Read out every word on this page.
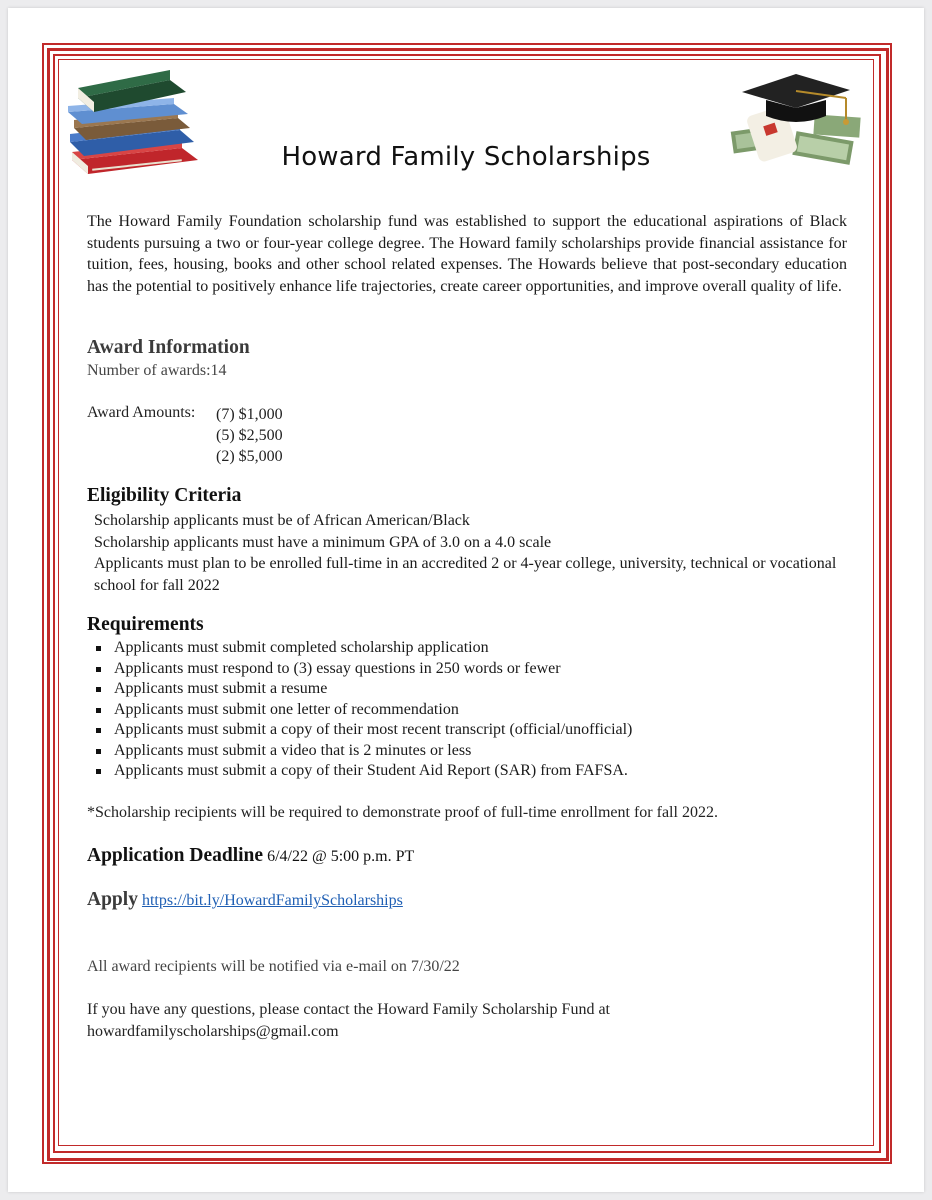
Howard Family Scholarships

The Howard Family Foundation scholarship fund was established to support the educational aspirations of Black students pursuing a two or four-year college degree. The Howard family scholarships provide financial assistance for tuition, fees, housing, books and other school related expenses. The Howards believe that post-secondary education has the potential to positively enhance life trajectories, create career opportunities, and improve overall quality of life.

Award Information
Number of awards:14
Award Amounts: (7) $1,000
(5) $2,500
(2) $5,000
Eligibility Criteria
Scholarship applicants must be of African American/Black
Scholarship applicants must have a minimum GPA of 3.0 on a 4.0 scale
Applicants must plan to be enrolled full-time in an accredited 2 or 4-year college, university, technical or vocational school for fall 2022
Requirements
Applicants must submit completed scholarship application
Applicants must respond to (3) essay questions in 250 words or fewer
Applicants must submit a resume
Applicants must submit one letter of recommendation
Applicants must submit a copy of their most recent transcript (official/unofficial)
Applicants must submit a video that is 2 minutes or less
Applicants must submit a copy of their Student Aid Report (SAR) from FAFSA.
*Scholarship recipients will be required to demonstrate proof of full-time enrollment for fall 2022.
Application Deadline 6/4/22 @ 5:00 p.m. PT
Apply https://bit.ly/HowardFamilyScholarships
All award recipients will be notified via e-mail on 7/30/22
If you have any questions, please contact the Howard Family Scholarship Fund at
howardfamilyscholarships@gmail.com
